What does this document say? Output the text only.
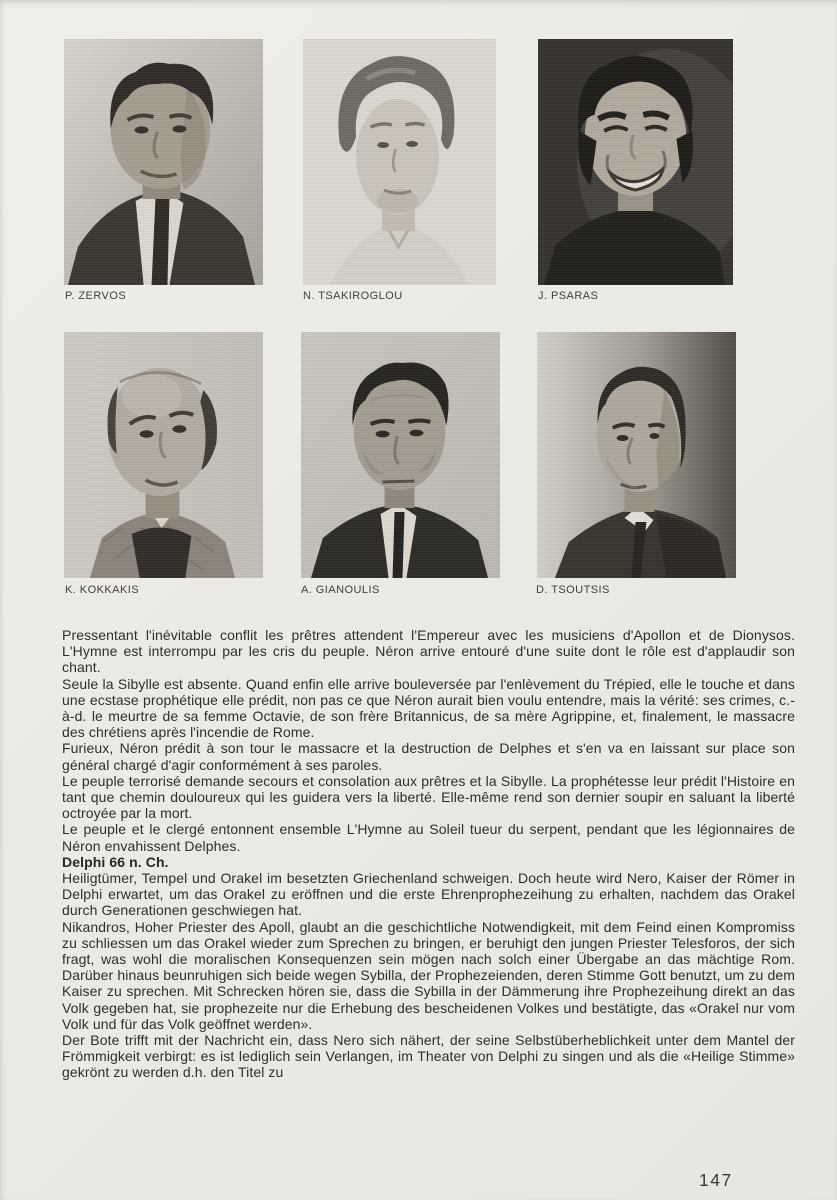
P. ZERVOS	N. TSAKIROGLOU	J. PSARAS
K. KOKKAKIS	A. GIANOULIS	D. TSOUTSIS

Pressentant l'inévitable conflit les prêtres attendent l'Empereur avec les musiciens d'Apollon et de Dionysos. L'Hymne est interrompu par les cris du peuple. Néron arrive entouré d'une suite dont le rôle est d'applaudir son chant.

Seule la Sibylle est absente. Quand enfin elle arrive bouleversée par l'enlèvement du Trépied, elle le touche et dans une ecstase prophétique elle prédit, non pas ce que Néron aurait bien voulu entendre, mais la vérité: ses crimes, c.-à-d. le meurtre de sa femme Octavie, de son frère Britannicus, de sa mère Agrippine, et, finalement, le massacre des chrétiens après l'incendie de Rome.

Furieux, Néron prédit à son tour le massacre et la destruction de Delphes et s'en va en laissant sur place son général chargé d'agir conformément à ses paroles.

Le peuple terrorisé demande secours et consolation aux prêtres et la Sibylle. La prophétesse leur prédit l'Histoire en tant que chemin douloureux qui les guidera vers la liberté. Elle-même rend son dernier soupir en saluant la liberté octroyée par la mort.

Le peuple et le clergé entonnent ensemble L'Hymne au Soleil tueur du serpent, pendant que les légionnaires de Néron envahissent Delphes.

Delphi 66 n. Ch.

Heiligtümer, Tempel und Orakel im besetzten Griechenland schweigen. Doch heute wird Nero, Kaiser der Römer in Delphi erwartet, um das Orakel zu eröffnen und die erste Ehrenprophezeihung zu erhalten, nachdem das Orakel durch Generationen geschwiegen hat.

Nikandros, Hoher Priester des Apoll, glaubt an die geschichtliche Notwendigkeit, mit dem Feind einen Kompromiss zu schliessen um das Orakel wieder zum Sprechen zu bringen, er beruhigt den jungen Priester Telesforos, der sich fragt, was wohl die moralischen Konsequenzen sein mögen nach solch einer Übergabe an das mächtige Rom. Darüber hinaus beunruhigen sich beide wegen Sybilla, der Prophezeienden, deren Stimme Gott benutzt, um zu dem Kaiser zu sprechen. Mit Schrecken hören sie, dass die Sybilla in der Dämmerung ihre Prophezeihung direkt an das Volk gegeben hat, sie prophezeite nur die Erhebung des bescheidenen Volkes und bestätigte, das «Orakel nur vom Volk und für das Volk geöffnet werden».

Der Bote trifft mit der Nachricht ein, dass Nero sich nähert, der seine Selbstüberheblichkeit unter dem Mantel der Frömmigkeit verbirgt: es ist lediglich sein Verlangen, im Theater von Delphi zu singen und als die «Heilige Stimme» gekrönt zu werden d.h. den Titel zu

147
